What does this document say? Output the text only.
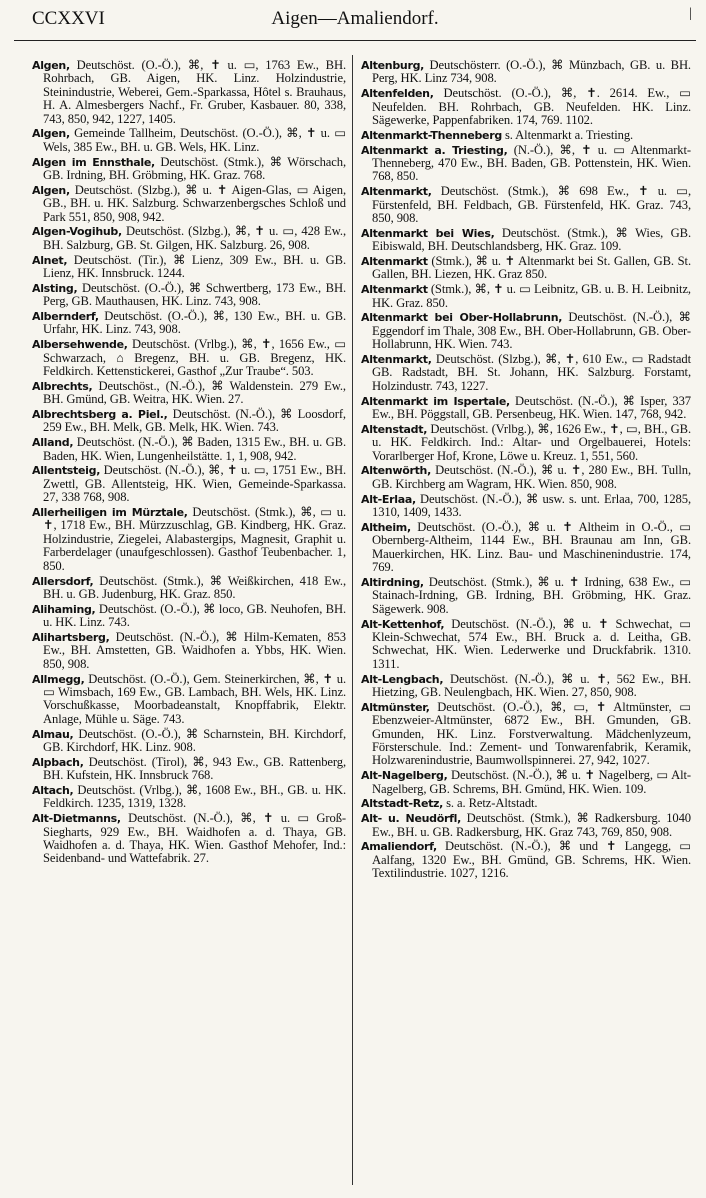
CCXXVI	Aigen—Amaliendorf.	|

Algen, Deutschöst. (O.-Ö.), ⌘, ✝ u. ▭, 1763 Ew., BH. Rohrbach, GB. Aigen, HK. Linz. Holzindustrie, Steinindustrie, Weberei, Gem.-Sparkassa, Hôtel s. Brauhaus, H. A. Almesbergers Nachf., Fr. Gruber, Kasbauer. 80, 338, 743, 850, 942, 1227, 1405.

Algen, Gemeinde Tallheim, Deutschöst. (O.-Ö.), ⌘, ✝ u. ▭ Wels, 385 Ew., BH. u. GB. Wels, HK. Linz.

Algen im Ennsthale, Deutschöst. (Stmk.), ⌘ Wörschach, GB. Irdning, BH. Gröbming, HK. Graz. 768.

Algen, Deutschöst. (Slzbg.), ⌘ u. ✝ Aigen-Glas, ▭ Aigen, GB., BH. u. HK. Salzburg. Schwarzenbergsches Schloß und Park 551, 850, 908, 942.

Algen-Vogihub, Deutschöst. (Slzbg.), ⌘, ✝ u. ▭, 428 Ew., BH. Salzburg, GB. St. Gilgen, HK. Salzburg. 26, 908.

Alnet, Deutschöst. (Tir.), ⌘ Lienz, 309 Ew., BH. u. GB. Lienz, HK. Innsbruck. 1244.

Alsting, Deutschöst. (O.-Ö.), ⌘ Schwertberg, 173 Ew., BH. Perg, GB. Mauthausen, HK. Linz. 743, 908.

Albernderf, Deutschöst. (O.-Ö.), ⌘, 130 Ew., BH. u. GB. Urfahr, HK. Linz. 743, 908.

Albersehwende, Deutschöst. (Vrlbg.), ⌘, ✝, 1656 Ew., ▭ Schwarzach, ⌂ Bregenz, BH. u. GB. Bregenz, HK. Feldkirch. Kettenstickerei, Gasthof „Zur Traube“. 503.

Albrechts, Deutschöst., (N.-Ö.), ⌘ Waldenstein. 279 Ew., BH. Gmünd, GB. Weitra, HK. Wien. 27.

Albrechtsberg a. Piel., Deutschöst. (N.-Ö.), ⌘ Loosdorf, 259 Ew., BH. Melk, GB. Melk, HK. Wien. 743.

Alland, Deutschöst. (N.-Ö.), ⌘ Baden, 1315 Ew., BH. u. GB. Baden, HK. Wien, Lungenheilstätte. 1, 1, 908, 942.

Allentsteig, Deutschöst. (N.-Ö.), ⌘, ✝ u. ▭, 1751 Ew., BH. Zwettl, GB. Allentsteig, HK. Wien, Gemeinde-Sparkassa. 27, 338 768, 908.

Allerheiligen im Mürztale, Deutschöst. (Stmk.), ⌘, ▭ u. ✝, 1718 Ew., BH. Mürzzuschlag, GB. Kindberg, HK. Graz. Holzindustrie, Ziegelei, Alabastergips, Magnesit, Graphit u. Farberdelager (unaufgeschlossen). Gasthof Teubenbacher. 1, 850.

Allersdorf, Deutschöst. (Stmk.), ⌘ Weißkirchen, 418 Ew., BH. u. GB. Judenburg, HK. Graz. 850.

Alihaming, Deutschöst. (O.-Ö.), ⌘ loco, GB. Neuhofen, BH. u. HK. Linz. 743.

Alihartsberg, Deutschöst. (N.-Ö.), ⌘ Hilm-Kematen, 853 Ew., BH. Amstetten, GB. Waidhofen a. Ybbs, HK. Wien. 850, 908.

Allmegg, Deutschöst. (O.-Ö.), Gem. Steinerkirchen, ⌘, ✝ u. ▭ Wimsbach, 169 Ew., GB. Lambach, BH. Wels, HK. Linz. Vorschußkasse, Moorbadeanstalt, Knopffabrik, Elektr. Anlage, Mühle u. Säge. 743.

Almau, Deutschöst. (O.-Ö.), ⌘ Scharnstein, BH. Kirchdorf, GB. Kirchdorf, HK. Linz. 908.

Alpbach, Deutschöst. (Tirol), ⌘, 943 Ew., GB. Rattenberg, BH. Kufstein, HK. Innsbruck 768.

Altach, Deutschöst. (Vrlbg.), ⌘, 1608 Ew., BH., GB. u. HK. Feldkirch. 1235, 1319, 1328.

Alt-Dietmanns, Deutschöst. (N.-Ö.), ⌘, ✝ u. ▭ Groß-Siegharts, 929 Ew., BH. Waidhofen a. d. Thaya, GB. Waidhofen a. d. Thaya, HK. Wien. Gasthof Mehofer, Ind.: Seidenband- und Wattefabrik. 27.

Altenburg, Deutschösterr. (O.-Ö.), ⌘ Münzbach, GB. u. BH. Perg, HK. Linz 734, 908.

Altenfelden, Deutschöst. (O.-Ö.), ⌘, ✝. 2614. Ew., ▭ Neufelden. BH. Rohrbach, GB. Neufelden. HK. Linz. Sägewerke, Pappenfabriken. 174, 769. 1102.

Altenmarkt-Thenneberg s. Altenmarkt a. Triesting.

Altenmarkt a. Triesting, (N.-Ö.), ⌘, ✝ u. ▭ Altenmarkt-Thenneberg, 470 Ew., BH. Baden, GB. Pottenstein, HK. Wien. 768, 850.

Altenmarkt, Deutschöst. (Stmk.), ⌘ 698 Ew., ✝ u. ▭, Fürstenfeld, BH. Feldbach, GB. Fürstenfeld, HK. Graz. 743, 850, 908.

Altenmarkt bei Wies, Deutschöst. (Stmk.), ⌘ Wies, GB. Eibiswald, BH. Deutschlandsberg, HK. Graz. 109.

Altenmarkt (Stmk.), ⌘ u. ✝ Altenmarkt bei St. Gallen, GB. St. Gallen, BH. Liezen, HK. Graz 850.

Altenmarkt (Stmk.), ⌘, ✝ u. ▭ Leibnitz, GB. u. B. H. Leibnitz, HK. Graz. 850.

Altenmarkt bei Ober-Hollabrunn, Deutschöst. (N.-Ö.), ⌘ Eggendorf im Thale, 308 Ew., BH. Ober-Hollabrunn, GB. Ober-Hollabrunn, HK. Wien. 743.

Altenmarkt, Deutschöst. (Slzbg.), ⌘, ✝, 610 Ew., ▭ Radstadt GB. Radstadt, BH. St. Johann, HK. Salzburg. Forstamt, Holzindustr. 743, 1227.

Altenmarkt im Ispertale, Deutschöst. (N.-Ö.), ⌘ Isper, 337 Ew., BH. Pöggstall, GB. Persenbeug, HK. Wien. 147, 768, 942.

Altenstadt, Deutschöst. (Vrlbg.), ⌘, 1626 Ew., ✝, ▭, BH., GB. u. HK. Feldkirch. Ind.: Altar- und Orgelbauerei, Hotels: Vorarlberger Hof, Krone, Löwe u. Kreuz. 1, 551, 560.

Altenwörth, Deutschöst. (N.-Ö.), ⌘ u. ✝, 280 Ew., BH. Tulln, GB. Kirchberg am Wagram, HK. Wien. 850, 908.

Alt-Erlaa, Deutschöst. (N.-Ö.), ⌘ usw. s. unt. Erlaa, 700, 1285, 1310, 1409, 1433.

Altheim, Deutschöst. (O.-Ö.), ⌘ u. ✝ Altheim in O.-Ö., ▭ Obernberg-Altheim, 1144 Ew., BH. Braunau am Inn, GB. Mauerkirchen, HK. Linz. Bau- und Maschinenindustrie. 174, 769.

Altirdning, Deutschöst. (Stmk.), ⌘ u. ✝ Irdning, 638 Ew., ▭ Stainach-Irdning, GB. Irdning, BH. Gröbming, HK. Graz. Sägewerk. 908.

Alt-Kettenhof, Deutschöst. (N.-Ö.), ⌘ u. ✝ Schwechat, ▭ Klein-Schwechat, 574 Ew., BH. Bruck a. d. Leitha, GB. Schwechat, HK. Wien. Lederwerke und Druckfabrik. 1310. 1311.

Alt-Lengbach, Deutschöst. (N.-Ö.), ⌘ u. ✝, 562 Ew., BH. Hietzing, GB. Neulengbach, HK. Wien. 27, 850, 908.

Altmünster, Deutschöst. (O.-Ö.), ⌘, ▭, ✝ Altmünster, ▭ Ebenzweier-Altmünster, 6872 Ew., BH. Gmunden, GB. Gmunden, HK. Linz. Forstverwaltung. Mädchenlyzeum, Försterschule. Ind.: Zement- und Tonwarenfabrik, Keramik, Holzwarenindustrie, Baumwollspinnerei. 27, 942, 1027.

Alt-Nagelberg, Deutschöst. (N.-Ö.), ⌘ u. ✝ Nagelberg, ▭ Alt-Nagelberg, GB. Schrems, BH. Gmünd, HK. Wien. 109.

Altstadt-Retz, s. a. Retz-Altstadt.

Alt- u. Neudörfl, Deutschöst. (Stmk.), ⌘ Radkersburg. 1040 Ew., BH. u. GB. Radkersburg, HK. Graz 743, 769, 850, 908.

Amaliendorf, Deutschöst. (N.-Ö.), ⌘ und ✝ Langegg, ▭ Aalfang, 1320 Ew., BH. Gmünd, GB. Schrems, HK. Wien. Textilindustrie. 1027, 1216.
